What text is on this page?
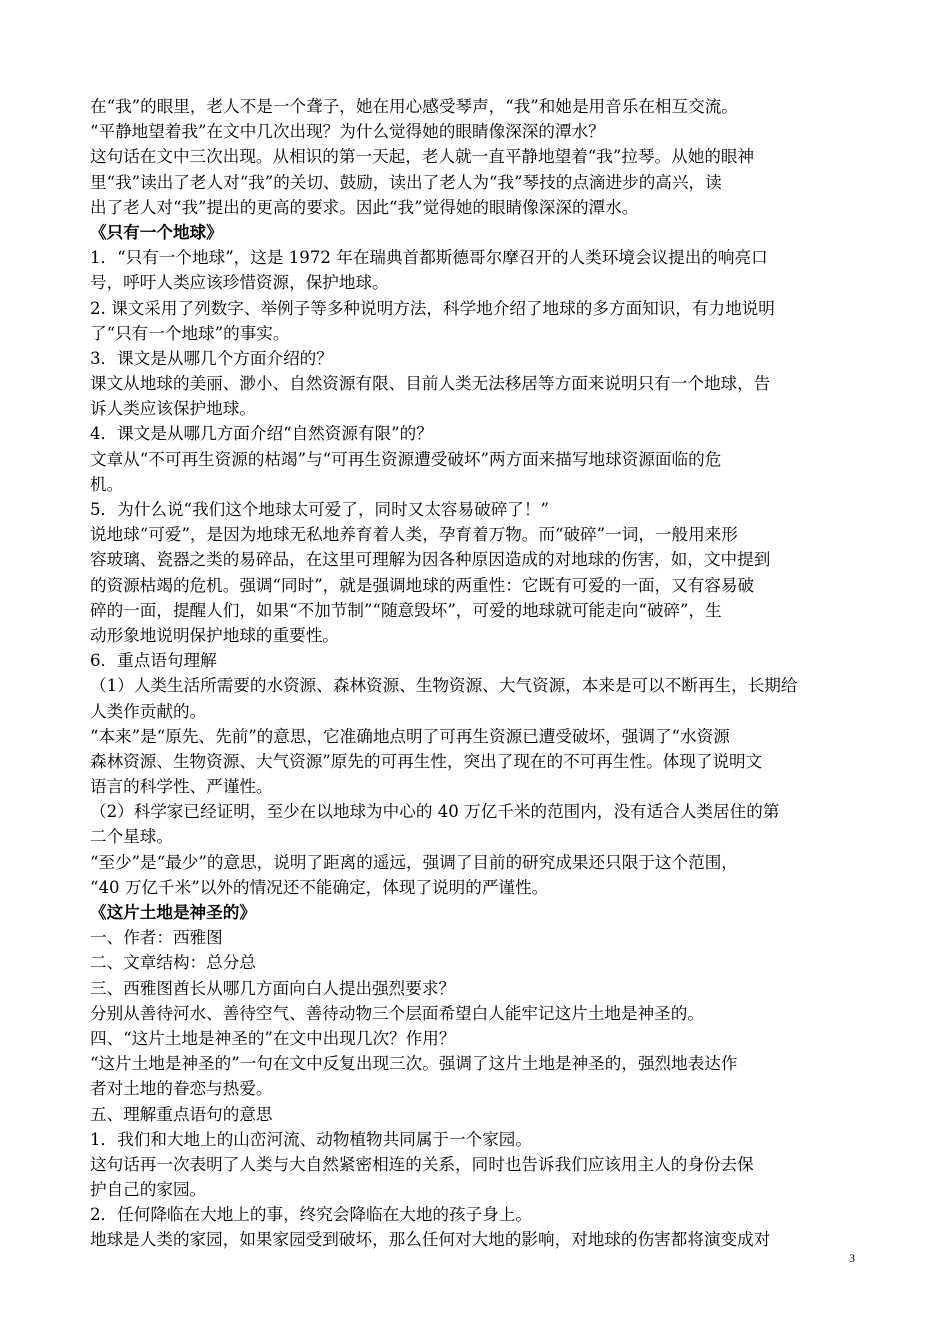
在“我”的眼里，老人不是一个聋子，她在用心感受琴声，“我”和她是用音乐在相互交流。
“平静地望着我”在文中几次出现？为什么觉得她的眼睛像深深的潭水？
这句话在文中三次出现。从相识的第一天起，老人就一直平静地望着“我”拉琴。从她的眼神
里“我”读出了老人对“我”的关切、鼓励，读出了老人为“我”琴技的点滴进步的高兴，读
出了老人对“我”提出的更高的要求。因此“我”觉得她的眼睛像深深的潭水。
《只有一个地球》
1．“只有一个地球”，这是 1972 年在瑞典首都斯德哥尔摩召开的人类环境会议提出的响亮口
号，呼吁人类应该珍惜资源，保护地球。
2. 课文采用了列数字、举例子等多种说明方法，科学地介绍了地球的多方面知识，有力地说明
了“只有一个地球”的事实。
3．课文是从哪几个方面介绍的？
课文从地球的美丽、渺小、自然资源有限、目前人类无法移居等方面来说明只有一个地球，告
诉人类应该保护地球。
4．课文是从哪几方面介绍“自然资源有限”的？
文章从“不可再生资源的枯竭”与“可再生资源遭受破坏”两方面来描写地球资源面临的危
机。
5．为什么说“我们这个地球太可爱了，同时又太容易破碎了！”
说地球“可爱”，是因为地球无私地养育着人类，孕育着万物。而“破碎”一词，一般用来形
容玻璃、瓷器之类的易碎品，在这里可理解为因各种原因造成的对地球的伤害，如，文中提到
的资源枯竭的危机。强调“同时”，就是强调地球的两重性：它既有可爱的一面，又有容易破
碎的一面，提醒人们，如果“不加节制”“随意毁坏”，可爱的地球就可能走向“破碎”，生
动形象地说明保护地球的重要性。
6．重点语句理解
（1）人类生活所需要的水资源、森林资源、生物资源、大气资源，本来是可以不断再生，长期给
人类作贡献的。
“本来”是“原先、先前”的意思，它准确地点明了可再生资源已遭受破坏，强调了“水资源
森林资源、生物资源、大气资源”原先的可再生性，突出了现在的不可再生性。体现了说明文
语言的科学性、严谨性。
（2）科学家已经证明，至少在以地球为中心的 40 万亿千米的范围内，没有适合人类居住的第
二个星球。
“至少”是“最少”的意思，说明了距离的遥远，强调了目前的研究成果还只限于这个范围，
“40 万亿千米”以外的情况还不能确定，体现了说明的严谨性。
《这片土地是神圣的》
一、作者：西雅图
二、文章结构：总分总
三、西雅图酋长从哪几方面向白人提出强烈要求？
分别从善待河水、善待空气、善待动物三个层面希望白人能牢记这片土地是神圣的。
四、“这片土地是神圣的”在文中出现几次？作用？
“这片土地是神圣的”一句在文中反复出现三次。强调了这片土地是神圣的，强烈地表达作
者对土地的眷恋与热爱。
五、理解重点语句的意思
1．我们和大地上的山峦河流、动物植物共同属于一个家园。
这句话再一次表明了人类与大自然紧密相连的关系，同时也告诉我们应该用主人的身份去保
护自己的家园。
2．任何降临在大地上的事，终究会降临在大地的孩子身上。
地球是人类的家园，如果家园受到破坏，那么任何对大地的影响，对地球的伤害都将演变成对
3
